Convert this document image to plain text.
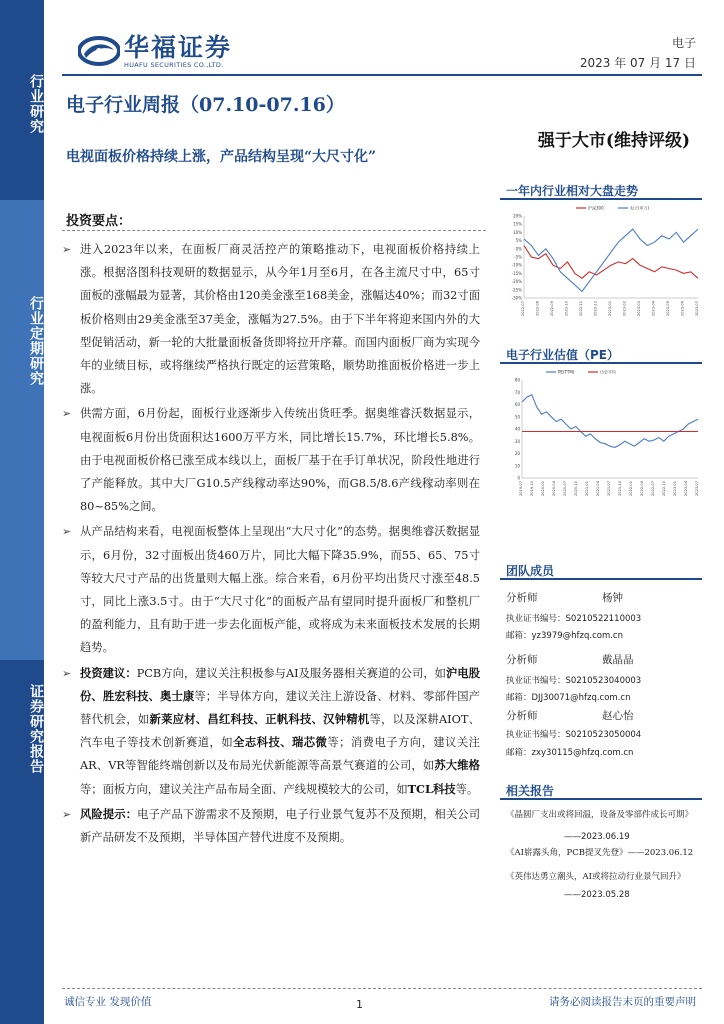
行业研究
行业定期研究
证券研究报告
华福证券
HUAFU SECURITIES CO.,LTD.
电子
2023 年 07 月 17 日
电子行业周报（07.10-07.16）
强于大市(维持评级)
电视面板价格持续上涨，产品结构呈现“大尺寸化”
投资要点：
➢ 进入2023年以来，在面板厂商灵活控产的策略推动下，电视面板价格持续上涨。根据洛图科技观研的数据显示，从今年1月至6月，在各主流尺寸中，65寸面板的涨幅最为显著，其价格由120美金涨至168美金，涨幅达40%；而32寸面板价格则由29美金涨至37美金，涨幅为27.5%。由于下半年将迎来国内外的大型促销活动，新一轮的大批量面板备货即将拉开序幕。而国内面板厂商为实现今年的业绩目标，或将继续严格执行既定的运营策略，顺势助推面板价格进一步上涨。
➢ 供需方面，6月份起，面板行业逐渐步入传统出货旺季。据奥维睿沃数据显示，电视面板6月份出货面积达1600万平方米，同比增长15.7%，环比增长5.8%。由于电视面板价格已涨至成本线以上，面板厂基于在手订单状况，阶段性地进行了产能释放。其中大厂G10.5产线稼动率达90%，而G8.5/8.6产线稼动率则在80~85%之间。
➢ 从产品结构来看，电视面板整体上呈现出“大尺寸化”的态势。据奥维睿沃数据显示，6月份，32寸面板出货460万片，同比大幅下降35.9%，而55、65、75寸等较大尺寸产品的出货量则大幅上涨。综合来看，6月份平均出货尺寸涨至48.5寸，同比上涨3.5寸。由于“大尺寸化”的面板产品有望同时提升面板厂和整机厂的盈利能力，且有助于进一步去化面板产能，或将成为未来面板技术发展的长期趋势。
➢ 投资建议：PCB方向，建议关注积极参与AI及服务器相关赛道的公司，如沪电股份、胜宏科技、奥士康等；半导体方向，建议关注上游设备、材料、零部件国产替代机会，如新莱应材、昌红科技、正帆科技、汉钟精机等，以及深耕AIOT、汽车电子等技术创新赛道，如全志科技、瑞芯微等；消费电子方向，建议关注AR、VR等智能终端创新以及布局光伏新能源等高景气赛道的公司，如苏大维格等；面板方向，建议关注产品布局全面、产线规模较大的公司，如TCL科技等。
➢ 风险提示：电子产品下游需求不及预期，电子行业景气复苏不及预期，相关公司新产品研发不及预期，半导体国产替代进度不及预期。
一年内行业相对大盘走势
沪深300	电子(申万)
20%
15%
10%
5%
0%
-5%
-10%
-15%
-20%
-25%
-30%
2022-07	2022-08	2022-09	2022-10	2022-11	2022-12	2023-01	2023-02	2023-03	2023-04	2023-05	2023-06	2023-07
电子行业估值（PE）
PE(TTM)	历史平均
80
70
60
50
40
30
20
10
0
2019-07 2019-10 2020-01 2020-04 2020-07 2020-10 2021-01 2021-04 2021-07 2021-10 2022-01 2022-04 2022-07 2022-10 2023-01 2023-04 2023-07
团队成员
分析师	杨钟
执业证书编号：S0210522110003
邮箱：yz3979@hfzq.com.cn
分析师	戴晶晶
执业证书编号：S0210523040003
邮箱：DJJ30071@hfzq.com.cn
分析师	赵心怡
执业证书编号：S0210523050004
邮箱：zxy30115@hfzq.com.cn
相关报告
《晶圆厂支出或将回温，设备及零部件成长可期》
——2023.06.19
《AI崭露头角，PCB提叉先登》——2023.06.12
《英伟达勇立潮头，AI或将拉动行业景气回升》
——2023.05.28
诚信专业 发现价值	1	请务必阅读报告末页的重要声明
